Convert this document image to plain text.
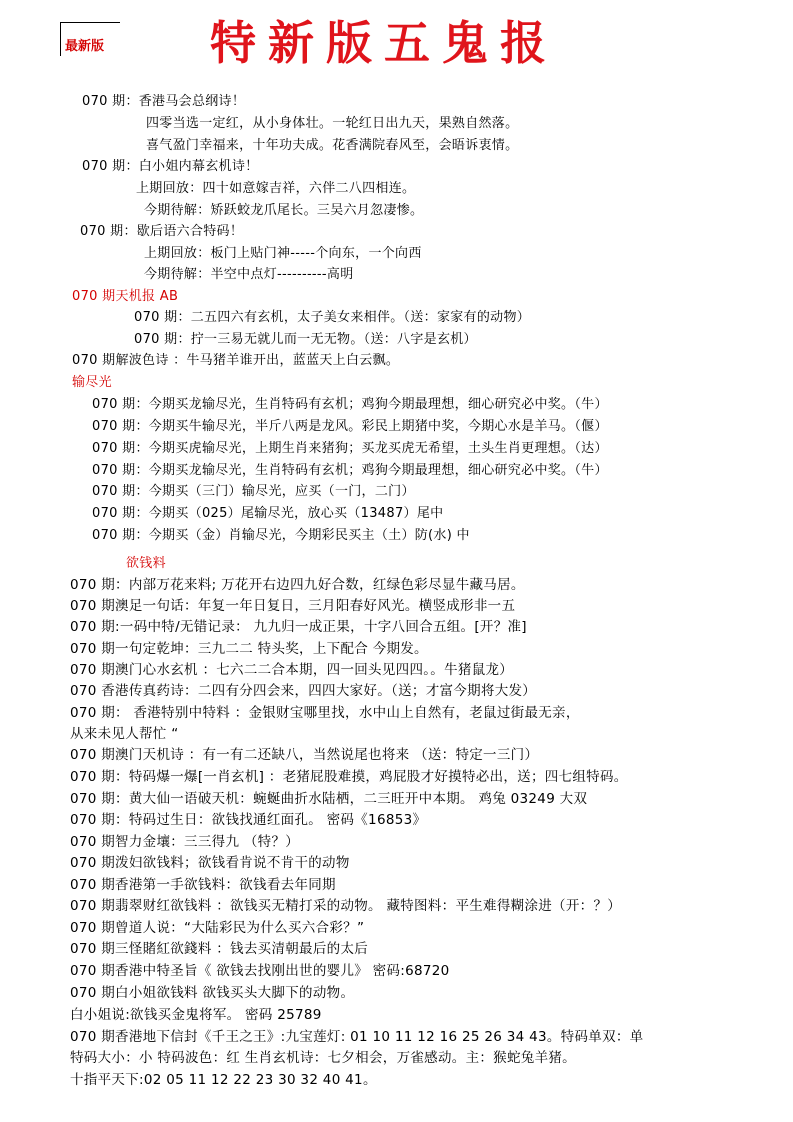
最新版 特新版五鬼报
070 期：香港马会总纲诗！
四零当选一定红，从小身体壮。一轮红日出九天，果熟自然落。
喜气盈门幸福来，十年功夫成。花香满院春风至，会晤诉衷情。
070 期：白小姐内幕玄机诗！
上期回放：四十如意嫁吉祥，六伴二八四相连。
今期待解：矫跃蛟龙爪尾长。三吴六月忽凄惨。
070 期：歇后语六合特码！
上期回放：板门上贴门神-----个向东，一个向西
今期待解：半空中点灯----------高明
070 期天机报 AB
070 期：二五四六有玄机，太子美女来相伴。（送：家家有的动物）
070 期：拧一三易无就儿而一无无物。（送：八字是玄机）
070 期解波色诗 ：牛马猪羊谁开出，蓝蓝天上白云飘。
输尽光
070 期：今期买龙输尽光，生肖特码有玄机；鸡狗今期最理想，细心研究必中奖。（牛）
070 期：今期买牛输尽光，半斤八两是龙风。彩民上期猪中奖，今期心水是羊马。（偃）
070 期：今期买虎输尽光，上期生肖来猪狗；买龙买虎无希望，土头生肖更理想。（达）
070 期：今期买龙输尽光，生肖特码有玄机；鸡狗今期最理想，细心研究必中奖。（牛）
070 期：今期买（三门）输尽光，应买（一门，二门）
070 期：今期买（025）尾输尽光，放心买（13487）尾中
070 期：今期买（金）肖输尽光，今期彩民买主（土）防(水) 中
欲钱料
070 期：内部万花来料; 万花开右边四九好合数，红绿色彩尽显牛藏马居。
070 期澳足一句话：年复一年日复日，三月阳春好风光。横竖成形非一五
070 期:一码中特/无错记录： 九九归一成正果，十字八回合五组。[开？准]
070 期一句定乾坤：三九二二 特头奖，上下配合 今期发。
070 期澳门心水玄机 ：七六二二合本期，四一回头见四四。。牛猪鼠龙）
070 香港传真药诗：二四有分四会来，四四大家好。（送；才富今期将大发）
070 期： 香港特别中特料 ：金银财宝哪里找，水中山上自然有，老鼠过街最无亲，
从来未见人帮忙 “
070 期澳门天机诗 ：有一有二还缺八，当然说尾也将来 （送：特定一三门）
070 期：特码爆一爆[一肖玄机] ：老猪屁股难摸，鸡屁股才好摸特必出，送；四七组特码。
070 期：黄大仙一语破天机：蜿蜒曲折水陆栖，二三旺开中本期。 鸡兔 03249 大双
070 期：特码过生日：欲钱找通红面孔。 密码《16853》
070 期智力金壤：三三得九 （特？）
070 期泼妇欲钱料；欲钱看肯说不肯干的动物
070 期香港第一手欲钱料：欲钱看去年同期
070 期翡翠财红欲钱料 ：欲钱买无精打采的动物。 藏特图料：平生难得糊涂进（开：？）
070 期曾道人说：“大陆彩民为什么买六合彩？”
070 期三怪賭紅欲錢料 ：钱去买清朝最后的太后
070 期香港中特圣旨《 欲钱去找刚出世的婴儿》 密码:68720
070 期白小姐欲钱料 欲钱买头大脚下的动物。
白小姐说:欲钱买金鬼将军。 密码 25789
070 期香港地下信封《千王之王》:九宝莲灯: 01 10 11 12 16 25 26 34 43。特码单双：单
特码大小：小 特码波色：红 生肖玄机诗：七夕相会，万雀感动。主：猴蛇兔羊猪。
十指平天下:02 05 11 12 22 23 30 32 40 41。
